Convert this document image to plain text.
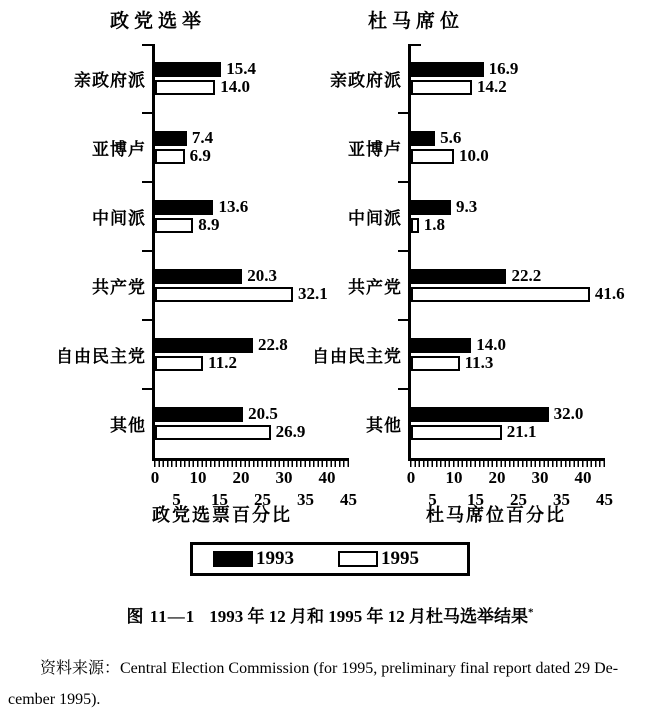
政党选举
15.4
14.0
亲政府派
7.4
6.9
亚博卢
13.6
8.9
中间派
20.3
32.1
共产党
22.8
11.2
自由民主党
20.5
26.9
其他
0	10	20	30	40
5	15	25	35	45
政党选票百分比
杜马席位
16.9
14.2
亲政府派
5.6
10.0
亚博卢
9.3
1.8
中间派
22.2
41.6
共产党
14.0
11.3
自由民主党
32.0
21.1
其他
0	10	20	30	40
5	15	25	35	45
杜马席位百分比
1993	1995
图 11—1 1993 年 12 月和 1995 年 12 月杜马选举结果*
资料来源：Central Election Commission (for 1995, preliminary final report dated 29 De-
cember 1995).
